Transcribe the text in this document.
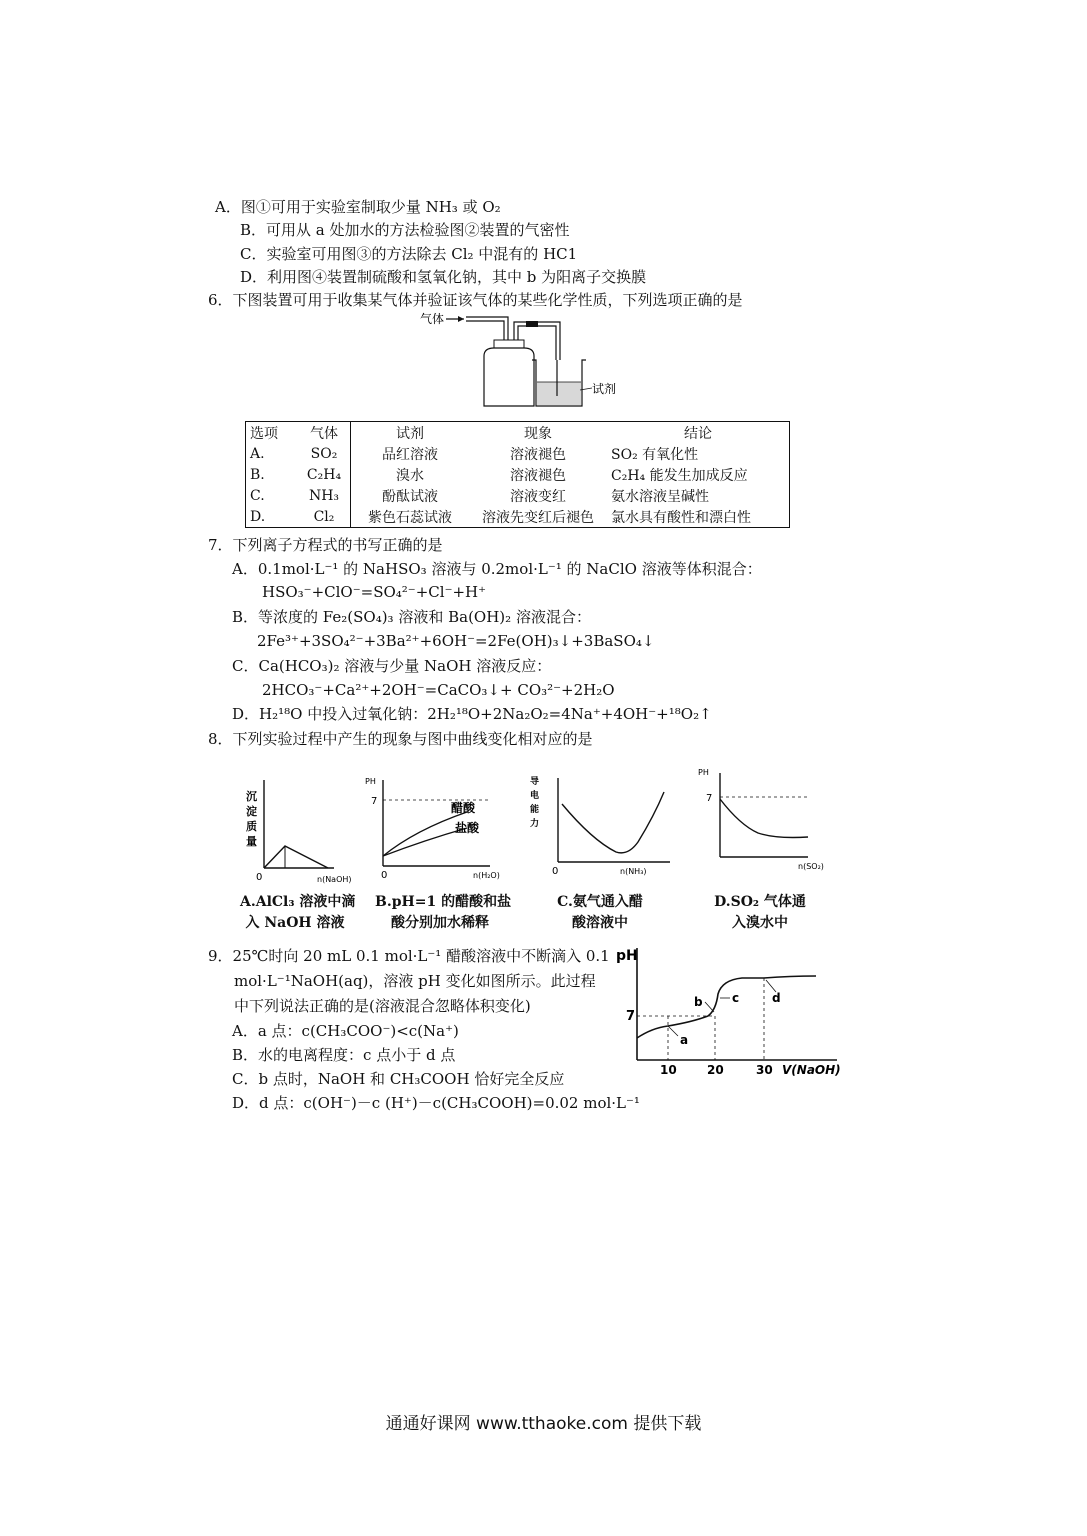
A．图①可用于实验室制取少量 NH₃ 或 O₂
B．可用从 a 处加水的方法检验图②装置的气密性
C．实验室可用图③的方法除去 Cl₂ 中混有的 HC1
D．利用图④装置制硫酸和氢氧化钠，其中 b 为阳离子交换膜
6．下图装置可用于收集某气体并验证该气体的某些化学性质，下列选项正确的是
气体
试剂
选项	气体	试剂	现象	结论
A.	SO₂	品红溶液	溶液褪色	SO₂ 有氧化性
B.	C₂H₄	溴水	溶液褪色	C₂H₄ 能发生加成反应
C.	NH₃	酚酞试液	溶液变红	氨水溶液呈碱性
D.	Cl₂	紫色石蕊试液	溶液先变红后褪色	氯水具有酸性和漂白性
7．下列离子方程式的书写正确的是
A．0.1mol·L⁻¹ 的 NaHSO₃ 溶液与 0.2mol·L⁻¹ 的 NaClO 溶液等体积混合：
HSO₃⁻+ClO⁻=SO₄²⁻+Cl⁻+H⁺
B．等浓度的 Fe₂(SO₄)₃ 溶液和 Ba(OH)₂ 溶液混合：
2Fe³⁺+3SO₄²⁻+3Ba²⁺+6OH⁻=2Fe(OH)₃↓+3BaSO₄↓
C．Ca(HCO₃)₂ 溶液与少量 NaOH 溶液反应：
2HCO₃⁻+Ca²⁺+2OH⁻=CaCO₃↓+ CO₃²⁻+2H₂O
D．H₂¹⁸O 中投入过氧化钠：2H₂¹⁸O+2Na₂O₂=4Na⁺+4OH⁻+¹⁸O₂↑
8．下列实验过程中产生的现象与图中曲线变化相对应的是
沉
淀
质
量
0	n(NaOH)
A.AlCl₃ 溶液中滴
入 NaOH 溶液
PH
7	醋酸
盐酸
0	n(H₂O)
B.pH=1 的醋酸和盐
酸分别加水稀释
导
电
能
力
0	n(NH₃)
C.氨气通入醋
酸溶液中
PH
7
n(SO₂)
D.SO₂ 气体通
入溴水中
9．25℃时向 20 mL 0.1 mol·L⁻¹ 醋酸溶液中不断滴入 0.1
mol·L⁻¹NaOH(aq)，溶液 pH 变化如图所示。此过程
中下列说法正确的是(溶液混合忽略体积变化)
A．a 点：c(CH₃COO⁻)<c(Na⁺)
B．水的电离程度：c 点小于 d 点
C．b 点时，NaOH 和 CH₃COOH 恰好完全反应
D．d 点：c(OH⁻)－c (H⁺)－c(CH₃COOH)=0.02 mol·L⁻¹
pH
7
a
b c	d
10	20	30 V(NaOH)
通通好课网 www.tthaoke.com 提供下载
